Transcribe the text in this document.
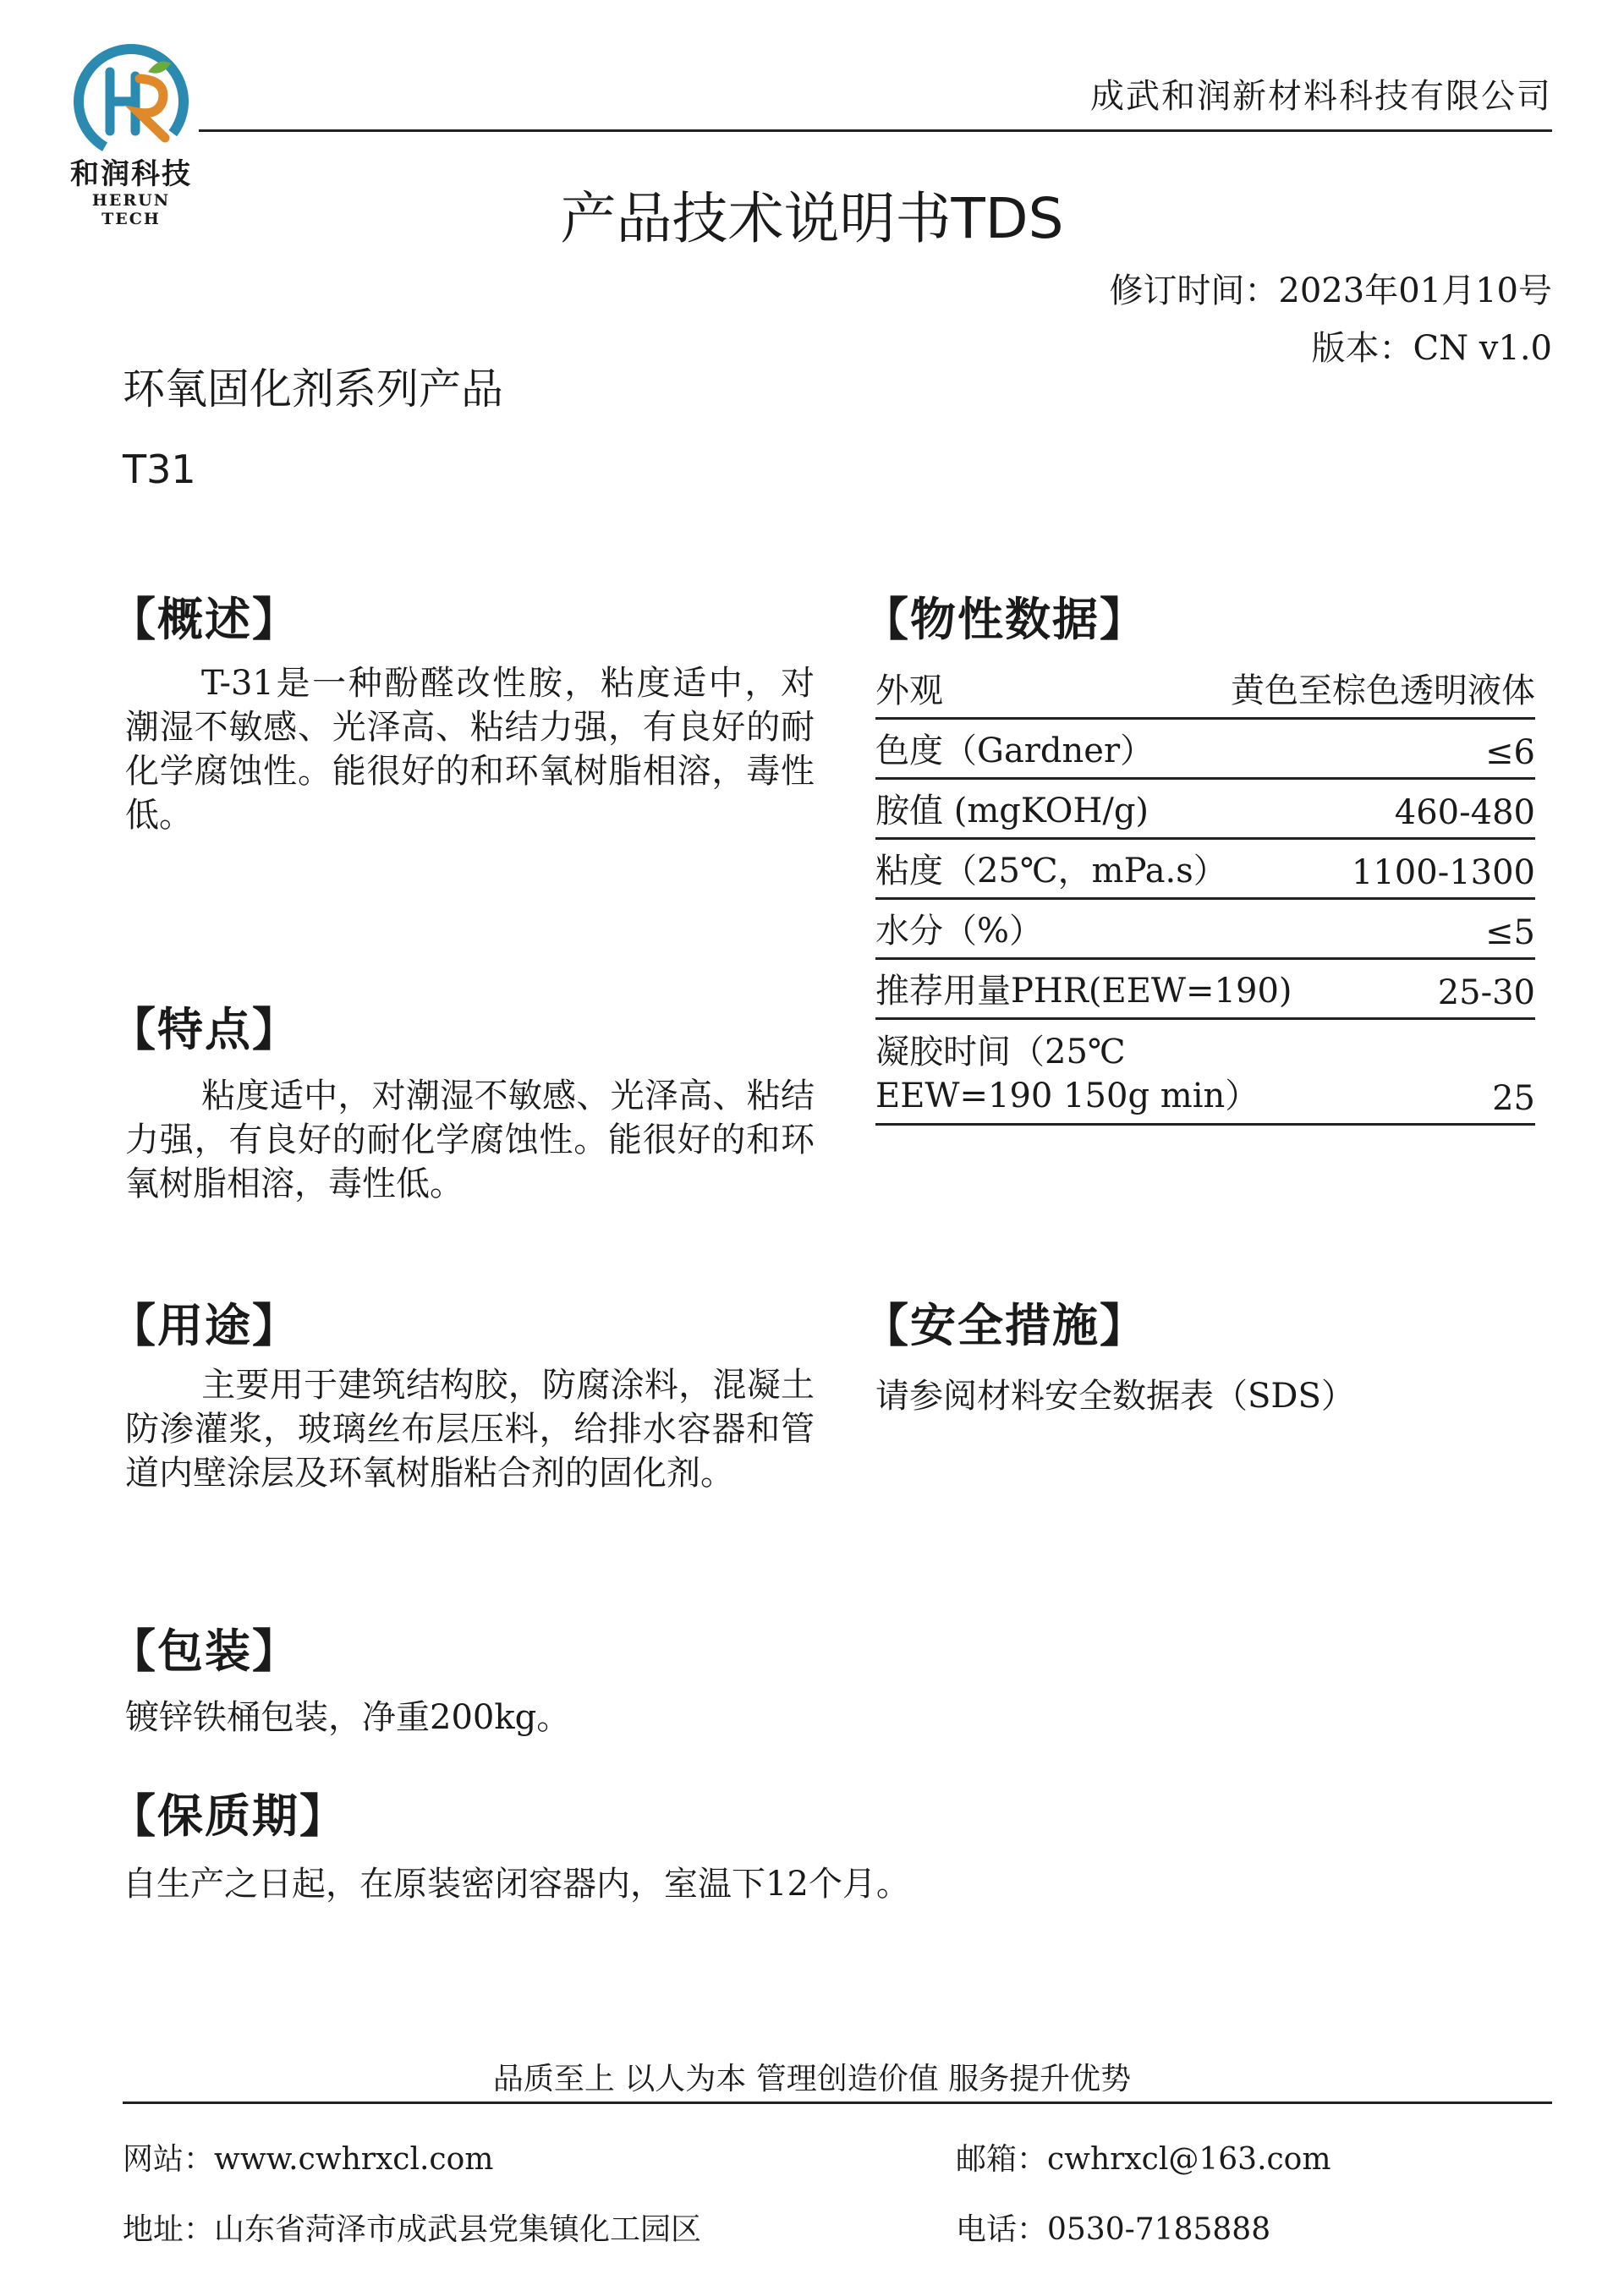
和润科技
HERUN TECH
成武和润新材料科技有限公司
产品技术说明书TDS
修订时间：2023年01月10号
版本：CN v1.0
环氧固化剂系列产品
T31
【概述】
T-31是一种酚醛改性胺，粘度适中，对潮湿不敏感、光泽高、粘结力强，有良好的耐化学腐蚀性。能很好的和环氧树脂相溶，毒性低。
【特点】
粘度适中，对潮湿不敏感、光泽高、粘结力强，有良好的耐化学腐蚀性。能很好的和环氧树脂相溶，毒性低。
【用途】
主要用于建筑结构胶，防腐涂料，混凝土防渗灌浆，玻璃丝布层压料，给排水容器和管道内壁涂层及环氧树脂粘合剂的固化剂。
【包装】
镀锌铁桶包装，净重200kg。
【保质期】
自生产之日起，在原装密闭容器内，室温下12个月。
【物性数据】
外观	黄色至棕色透明液体
色度（Gardner）	≤6
胺值 (mgKOH/g)	460-480
粘度（25℃，mPa.s）	1100-1300
水分（%）	≤5
推荐用量PHR(EEW=190)	25-30
凝胶时间（25℃
EEW=190 150g min）	25
【安全措施】
请参阅材料安全数据表（SDS）
品质至上 以人为本 管理创造价值 服务提升优势
网站：www.cwhrxcl.com	邮箱：cwhrxcl@163.com
地址：山东省菏泽市成武县党集镇化工园区	电话：0530-7185888
